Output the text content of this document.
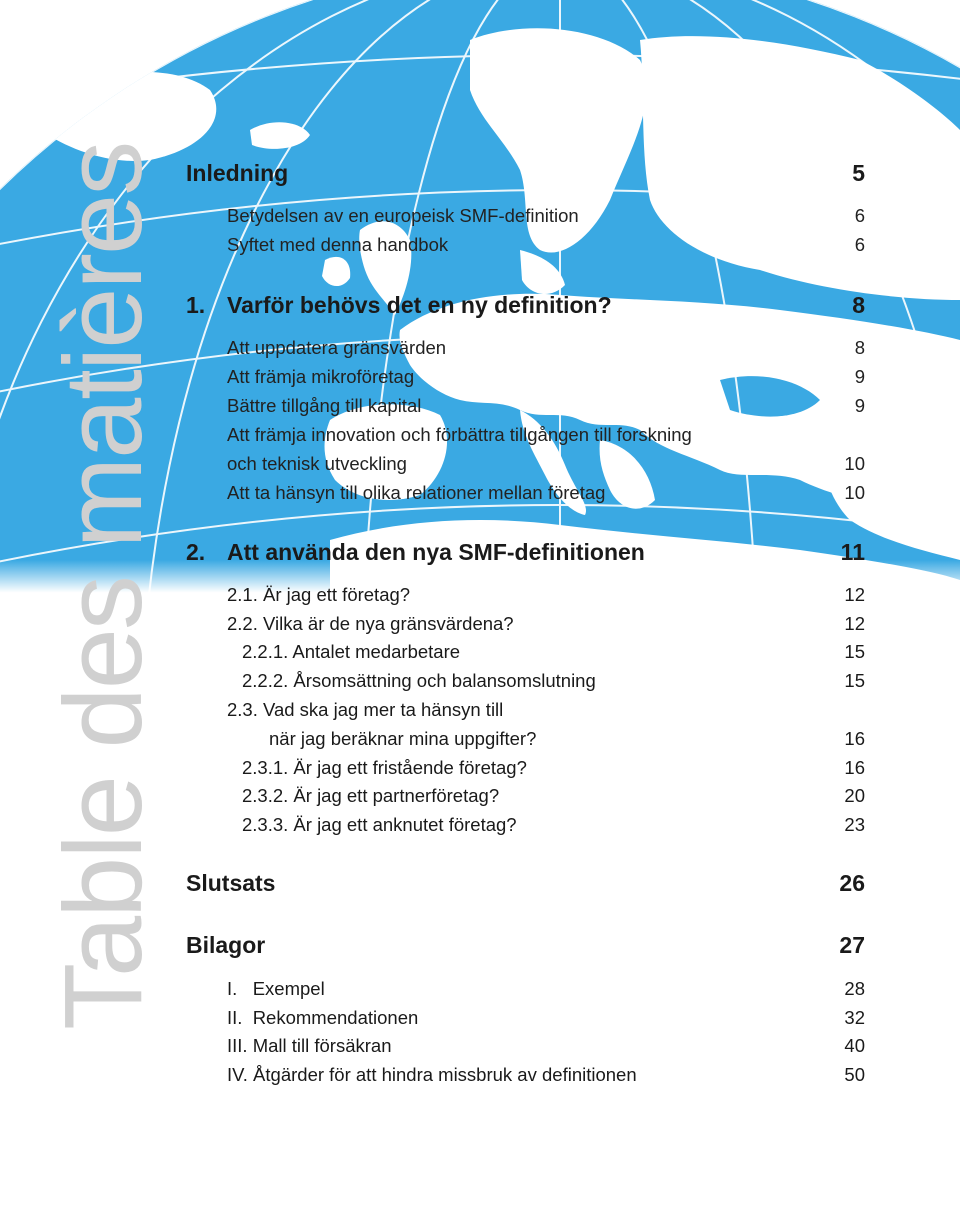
Table des matières Inledning	5
Betydelsen av en europeisk SMF-definition	6
Syftet med denna handbok	6
1. Varför behövs det en ny definition?	8
Att uppdatera gränsvärden	8
Att främja mikroföretag	9
Bättre tillgång till kapital	9
Att främja innovation och förbättra tillgången till forskning
och teknisk utveckling	10
Att ta hänsyn till olika relationer mellan företag	10
2. Att använda den nya SMF-definitionen	11
2.1. Är jag ett företag?	12
2.2. Vilka är de nya gränsvärdena?	12
2.2.1. Antalet medarbetare	15
2.2.2. Årsomsättning och balansomslutning	15
2.3. Vad ska jag mer ta hänsyn till
när jag beräknar mina uppgifter?	16
2.3.1. Är jag ett fristående företag?	16
2.3.2. Är jag ett partnerföretag?	20
2.3.3. Är jag ett anknutet företag?	23
Slutsats	26
Bilagor	27
I.   Exempel	28
II.  Rekommendationen	32
III. Mall till försäkran	40
IV. Åtgärder för att hindra missbruk av definitionen	50
